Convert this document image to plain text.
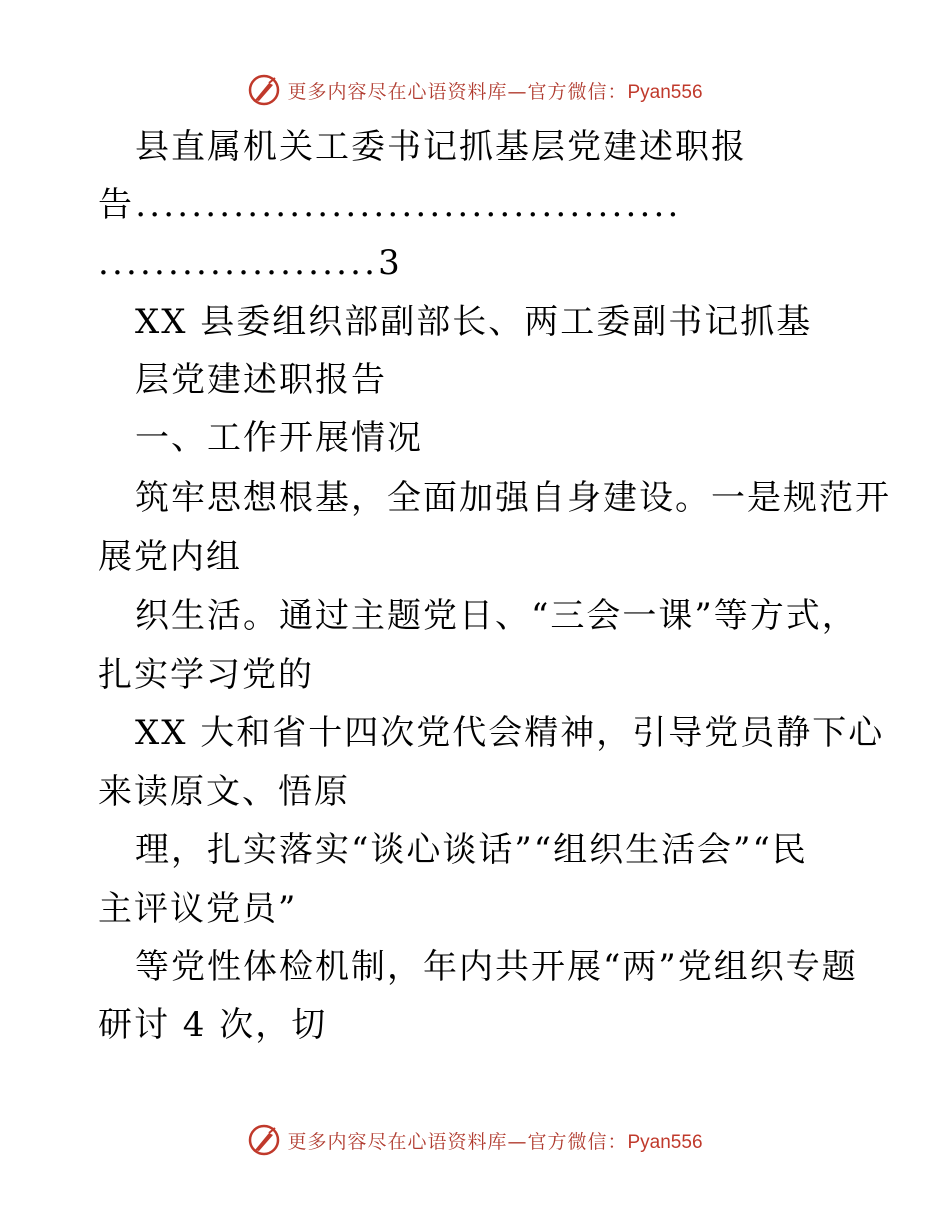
更多内容尽在心语资料库—官方微信：Pyan556
县直属机关工委书记抓基层党建述职报
告.......................................
....................3
XX 县委组织部副部长、两工委副书记抓基
层党建述职报告
一、工作开展情况
筑牢思想根基，全面加强自身建设。一是规范开
展党内组
织生活。通过主题党日、“三会一课”等方式，
扎实学习党的
XX 大和省十四次党代会精神，引导党员静下心
来读原文、悟原
理，扎实落实“谈心谈话”“组织生活会”“民
主评议党员”
等党性体检机制，年内共开展“两”党组织专题
研讨 4 次，切
更多内容尽在心语资料库—官方微信：Pyan556
